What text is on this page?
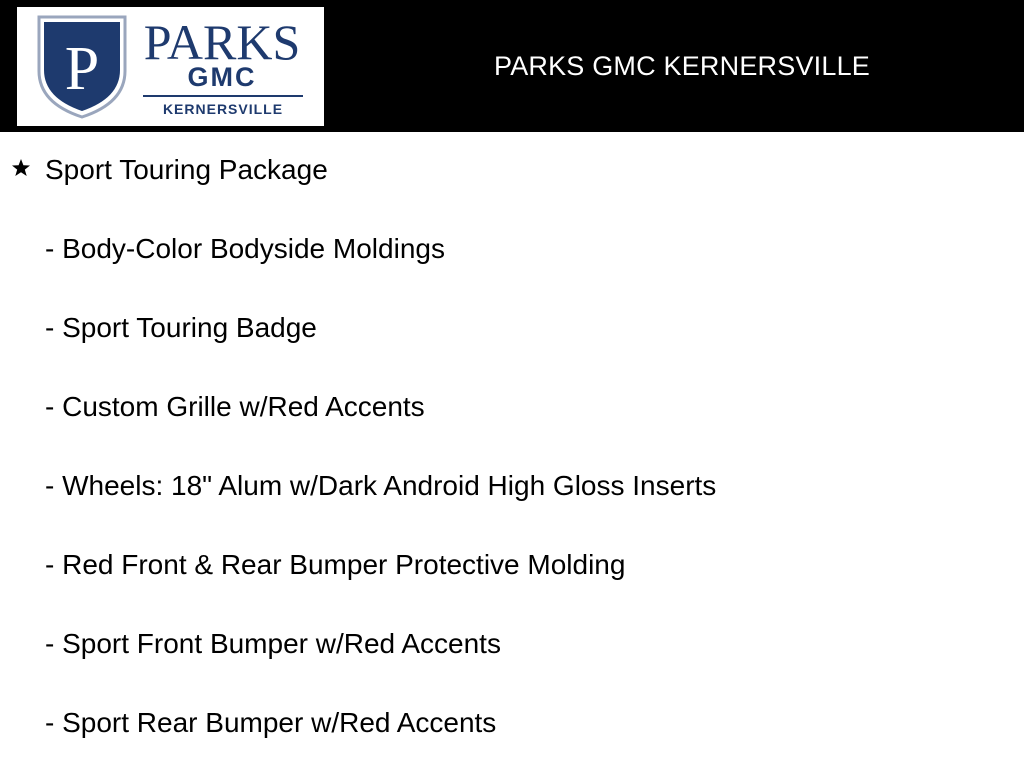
P PARKS
GMC
KERNERSVILLE
PARKS GMC KERNERSVILLE
Sport Touring Package
- Body-Color Bodyside Moldings
- Sport Touring Badge
- Custom Grille w/Red Accents
- Wheels: 18" Alum w/Dark Android High Gloss Inserts
- Red Front & Rear Bumper Protective Molding
- Sport Front Bumper w/Red Accents
- Sport Rear Bumper w/Red Accents
